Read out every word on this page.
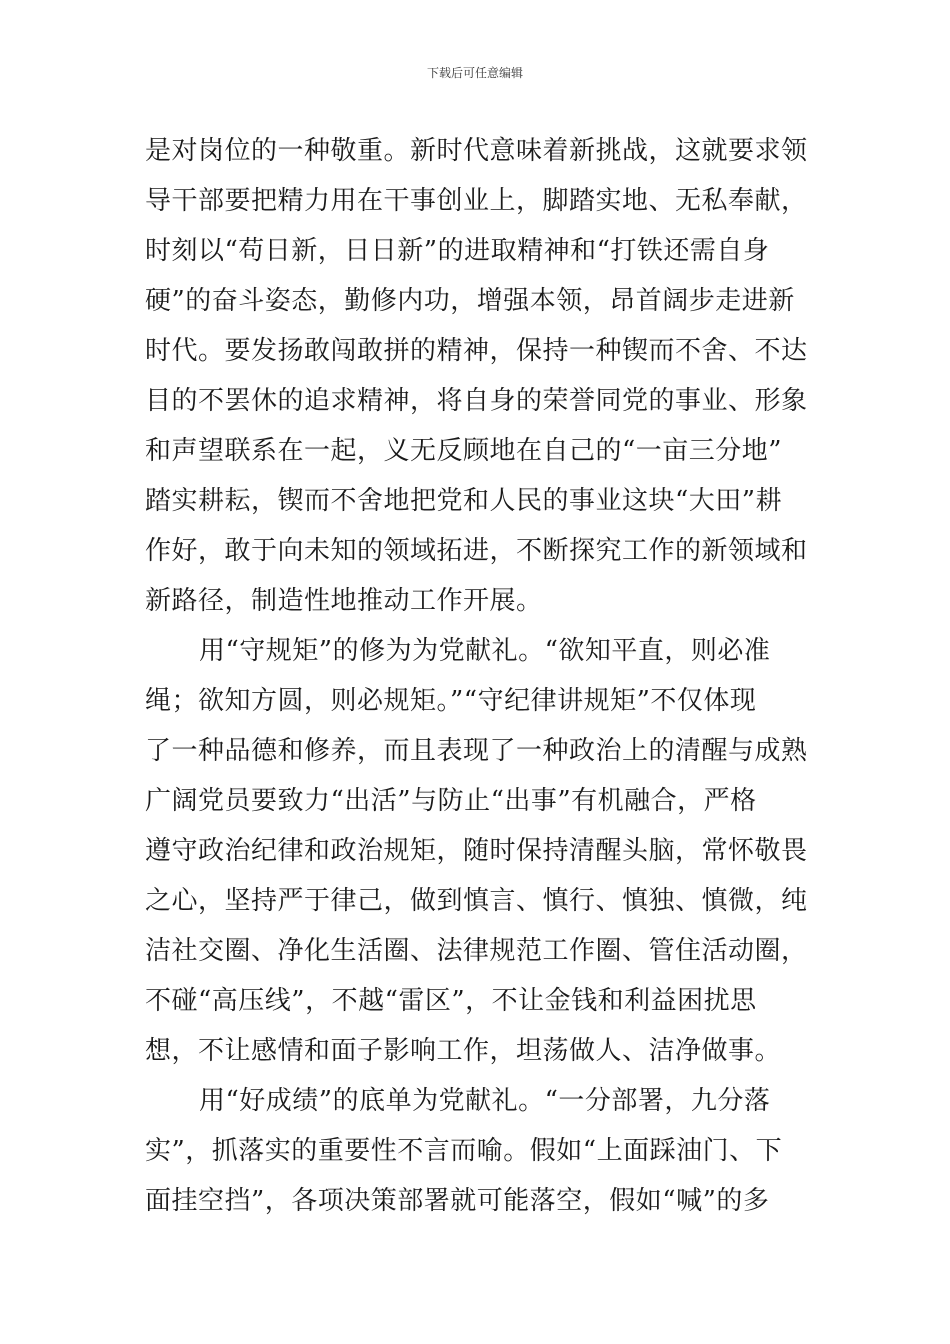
下载后可任意编辑
是对岗位的一种敬重。新时代意味着新挑战，这就要求领
导干部要把精力用在干事创业上，脚踏实地、无私奉献，
时刻以“苟日新，日日新”的进取精神和“打铁还需自身
硬”的奋斗姿态，勤修内功，增强本领，昂首阔步走进新
时代。要发扬敢闯敢拼的精神，保持一种锲而不舍、不达
目的不罢休的追求精神，将自身的荣誉同党的事业、形象
和声望联系在一起，义无反顾地在自己的“一亩三分地”
踏实耕耘，锲而不舍地把党和人民的事业这块“大田”耕
作好，敢于向未知的领域拓进，不断探究工作的新领域和
新路径，制造性地推动工作开展。
用“守规矩”的修为为党献礼。“欲知平直，则必准
绳；欲知方圆，则必规矩。”“守纪律讲规矩”不仅体现
了一种品德和修养，而且表现了一种政治上的清醒与成熟
广阔党员要致力“出活”与防止“出事”有机融合，严格
遵守政治纪律和政治规矩，随时保持清醒头脑，常怀敬畏
之心，坚持严于律己，做到慎言、慎行、慎独、慎微，纯
洁社交圈、净化生活圈、法律规范工作圈、管住活动圈，
不碰“高压线”，不越“雷区”，不让金钱和利益困扰思
想，不让感情和面子影响工作，坦荡做人、洁净做事。
用“好成绩”的底单为党献礼。“一分部署，九分落
实”，抓落实的重要性不言而喻。假如“上面踩油门、下
面挂空挡”，各项决策部署就可能落空，假如“喊”的多
